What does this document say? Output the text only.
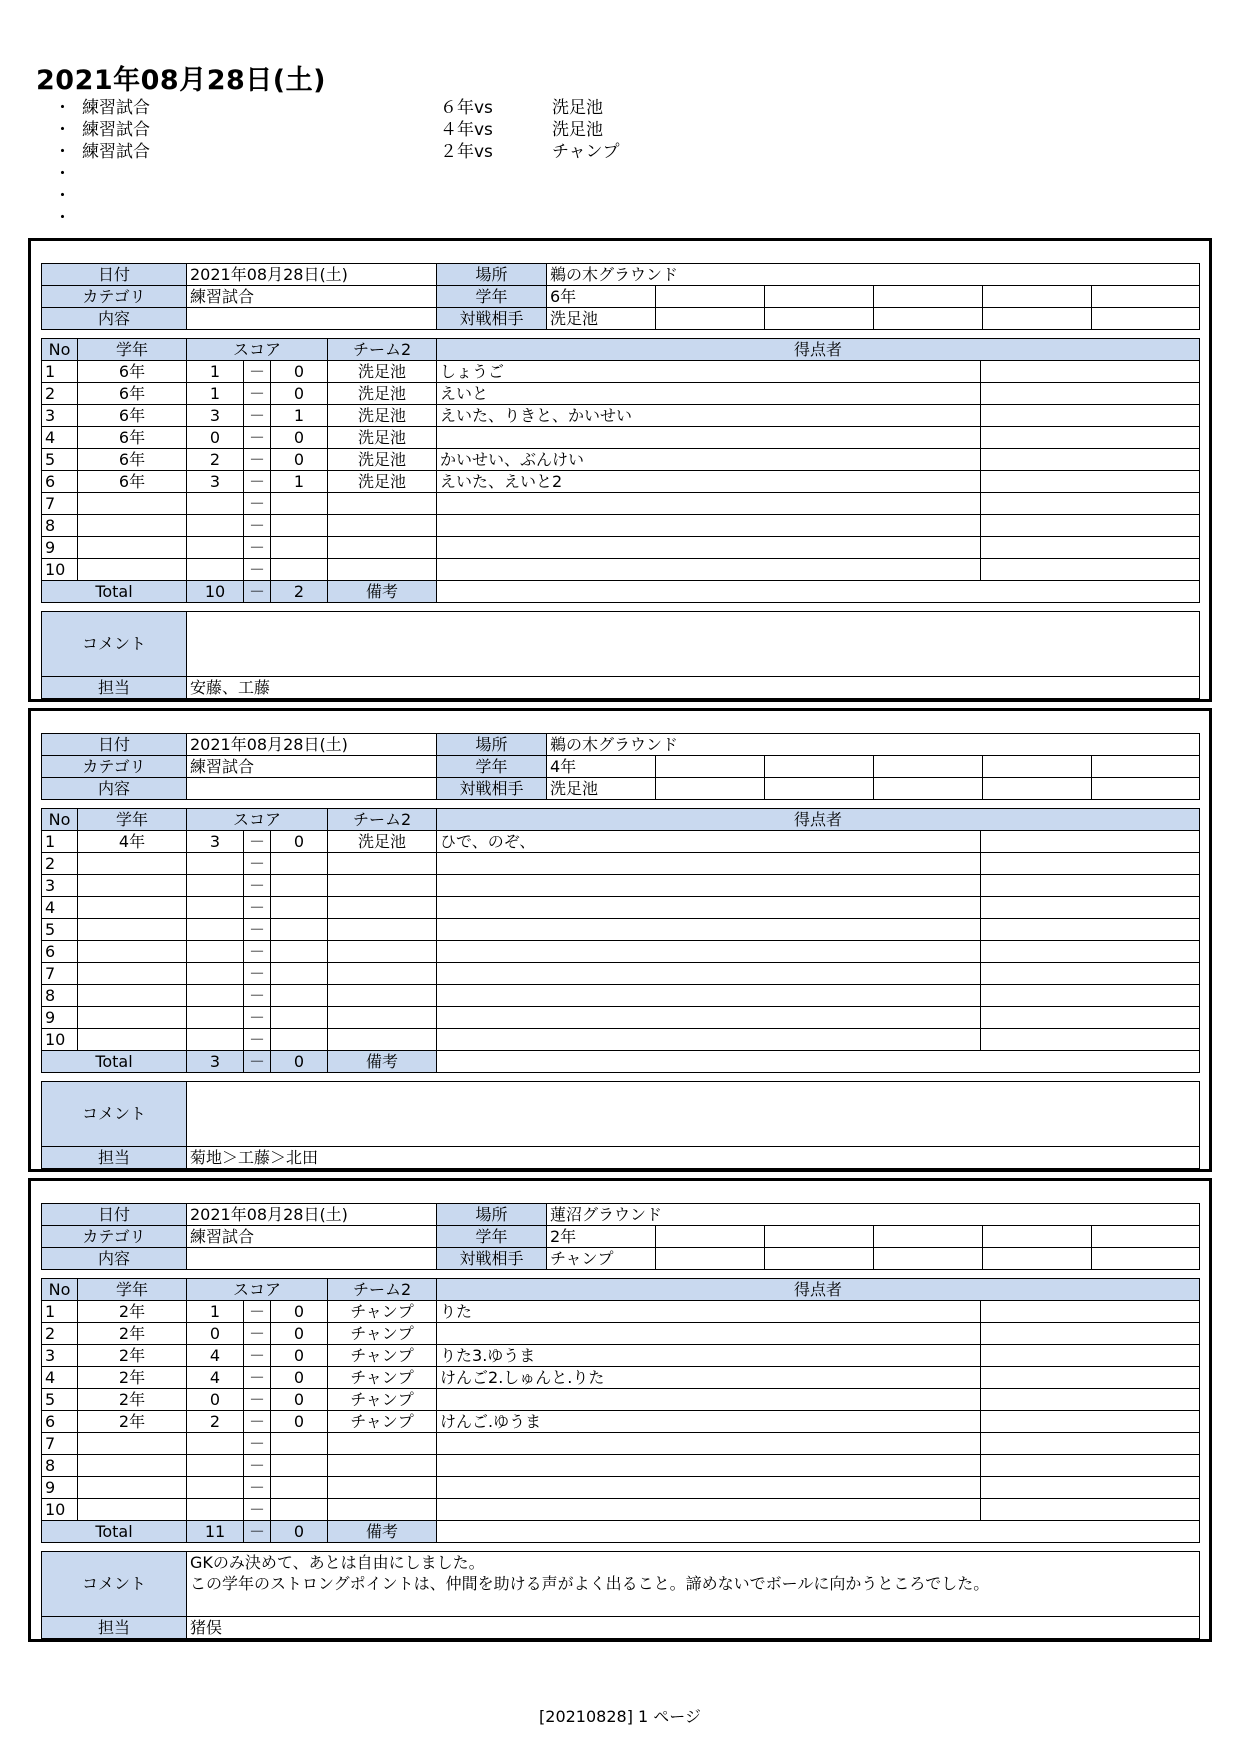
2021年08月28日(土)
・ 練習試合	６年vs	洗足池
・ 練習試合	４年vs	洗足池
・ 練習試合	２年vs	チャンプ
・
・
・
日付	2021年08月28日(土)	場所	鵜の木グラウンド					
カテゴリ	練習試合	学年	6年					
内容		対戦相手	洗足池					
No	学年	スコア			チーム2	得点者	
1	6年	1	－	0	洗足池	しょうご	
2	6年	1	－	0	洗足池	えいと	
3	6年	3	－	1	洗足池	えいた、りきと、かいせい	
4	6年	0	－	0	洗足池		
5	6年	2	－	0	洗足池	かいせい、ぶんけい	
6	6年	3	－	1	洗足池	えいた、えいと2	
7			－				
8			－				
9			－				
10			－				
Total		10	－	2	備考		
コメント	
担当	安藤、工藤
日付	2021年08月28日(土)	場所	鵜の木グラウンド					
カテゴリ	練習試合	学年	4年					
内容		対戦相手	洗足池					
No	学年	スコア			チーム2	得点者	
1	4年	3	－	0	洗足池	ひで、のぞ、	
2			－				
3			－				
4			－				
5			－				
6			－				
7			－				
8			－				
9			－				
10			－				
Total		3	－	0	備考		
コメント	
担当	菊地＞工藤＞北田
日付	2021年08月28日(土)	場所	蓮沼グラウンド					
カテゴリ	練習試合	学年	2年					
内容		対戦相手	チャンプ					
No	学年	スコア			チーム2	得点者	
1	2年	1	－	0	チャンプ	りた	
2	2年	0	－	0	チャンプ		
3	2年	4	－	0	チャンプ	りた3.ゆうま	
4	2年	4	－	0	チャンプ	けんご2.しゅんと.りた	
5	2年	0	－	0	チャンプ		
6	2年	2	－	0	チャンプ	けんご.ゆうま	
7			－				
8			－				
9			－				
10			－				
Total		11	－	0	備考		
コメント	GKのみ決めて、あとは自由にしました。
この学年のストロングポイントは、仲間を助ける声がよく出ること。諦めないでボールに向かうところでした。

担当	猪俣
[20210828] 1 ページ
